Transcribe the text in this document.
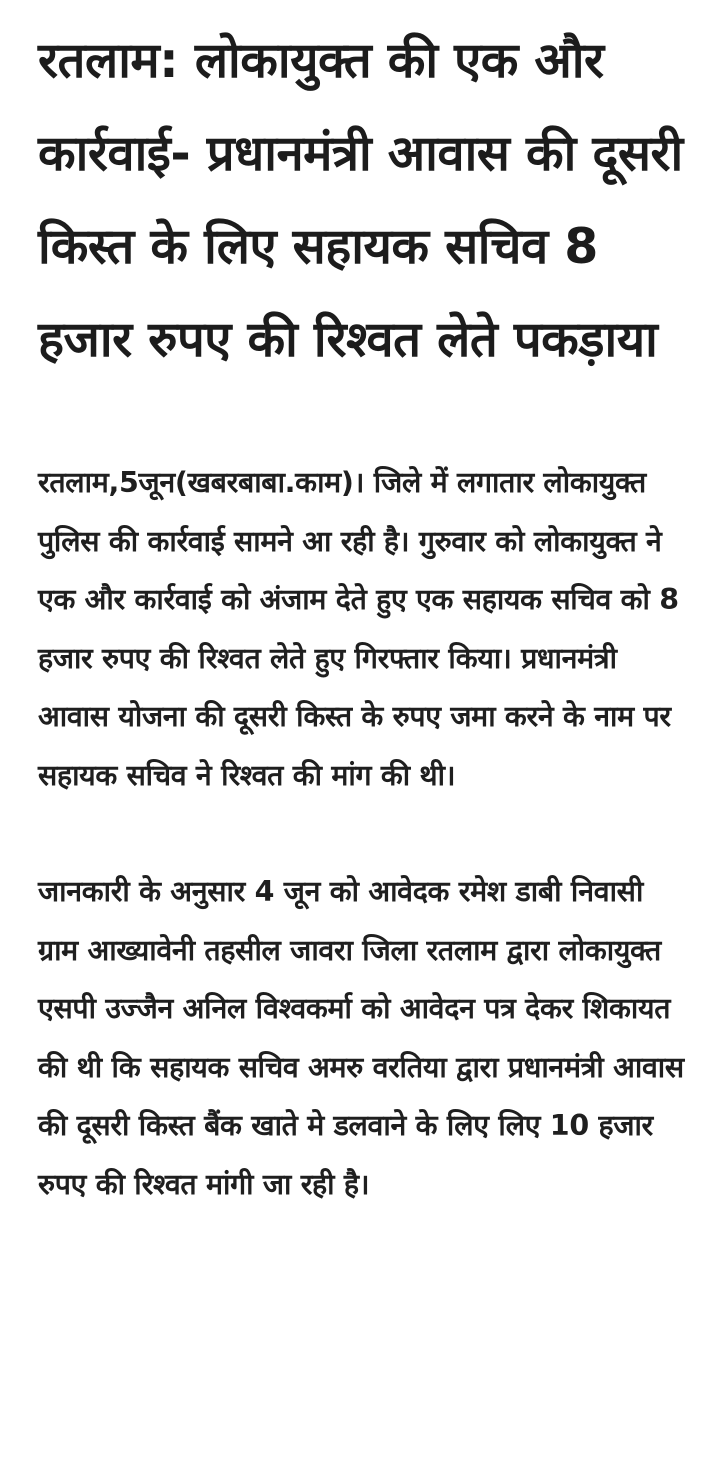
रतलाम: लोकायुक्त की एक और कार्रवाई- प्रधानमंत्री आवास की दूसरी किस्त के लिए सहायक सचिव 8 हजार रुपए की रिश्वत लेते पकड़ाया

रतलाम,5जून(खबरबाबा.काम)। जिले में लगातार लोकायुक्त पुलिस की कार्रवाई सामने आ रही है। गुरुवार को लोकायुक्त ने एक और कार्रवाई को अंजाम देते हुए एक सहायक सचिव को 8 हजार रुपए की रिश्वत लेते हुए गिरफ्तार किया। प्रधानमंत्री आवास योजना की दूसरी किस्त के रुपए जमा करने के नाम पर सहायक सचिव ने रिश्वत की मांग की थी।

जानकारी के अनुसार 4 जून को आवेदक रमेश डाबी निवासी ग्राम आख्यावेनी तहसील जावरा जिला रतलाम द्वारा लोकायुक्त एसपी उज्जैन अनिल विश्वकर्मा को आवेदन पत्र देकर शिकायत की थी कि सहायक सचिव अमरु वरतिया द्वारा प्रधानमंत्री आवास की दूसरी किस्त बैंक खाते मे डलवाने के लिए लिए 10 हजार रुपए की रिश्वत मांगी जा रही है।
